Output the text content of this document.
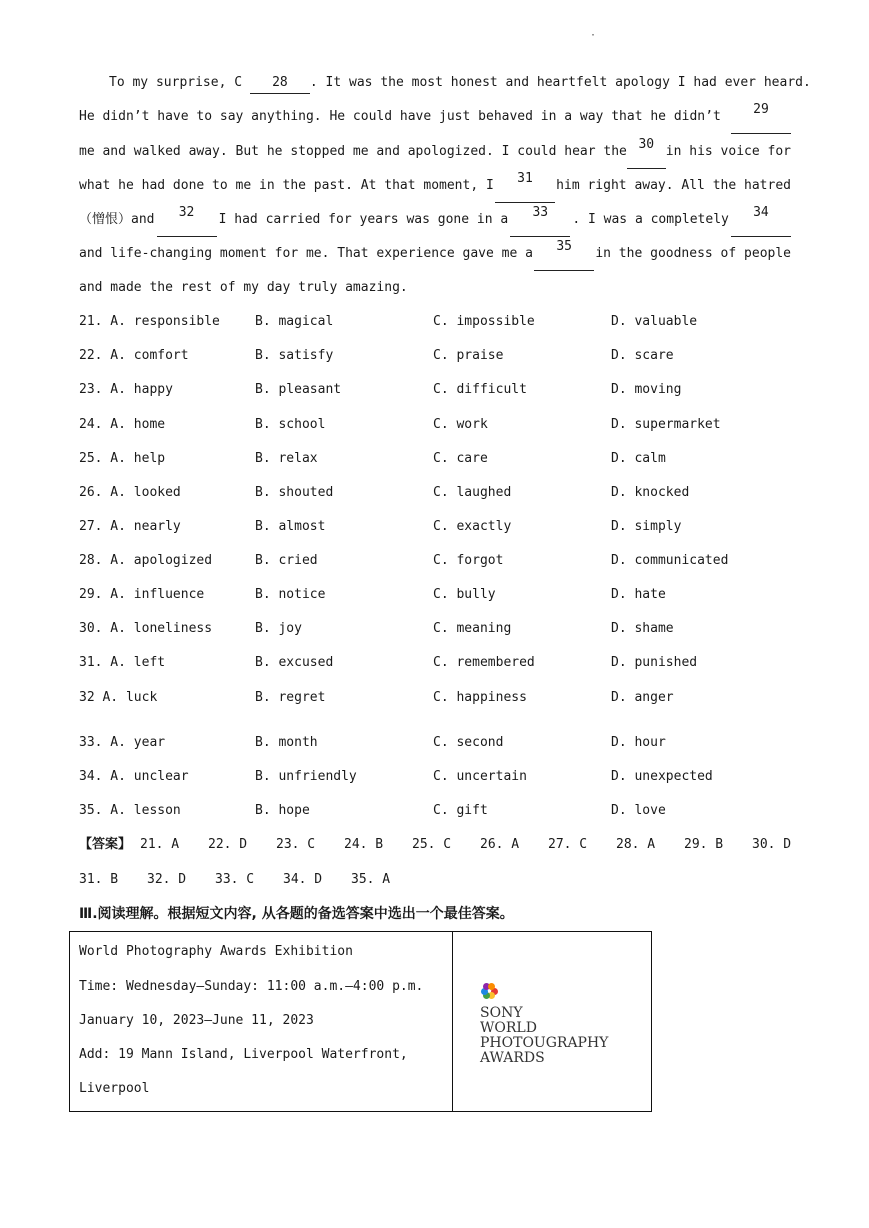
·
To my surprise, C 28	. It was the most honest and heartfelt apology I had ever heard.
He didn’t have to say anything. He could have just behaved in a way that he didn’t	29
me and walked away. But he stopped me and apologized. I could hear the 30 in his voice for
what he had done to me in the past. At that moment, I	31	him right away. All the hatred
（憎恨）and	32	I had carried for years was gone in a	33	. I was a completely	34
and life-changing moment for me. That experience gave me a	35	in the goodness of people
and made the rest of my day truly amazing.
21. A. responsible	B. magical	C. impossible	D. valuable
22. A. comfort	B. satisfy	C. praise	D. scare
23. A. happy	B. pleasant	C. difficult	D. moving
24. A. home	B. school	C. work	D. supermarket
25. A. help	B. relax	C. care	D. calm
26. A. looked	B. shouted	C. laughed	D. knocked
27. A. nearly	B. almost	C. exactly	D. simply
28. A. apologized	B. cried	C. forgot	D. communicated
29. A. influence	B. notice	C. bully	D. hate
30. A. loneliness	B. joy	C. meaning	D. shame
31. A. left	B. excused	C. remembered	D. punished
32 A. luck	B. regret	C. happiness	D. anger
33. A. year	B. month	C. second	D. hour
34. A. unclear	B. unfriendly	C. uncertain	D. unexpected
35. A. lesson	B. hope	C. gift	D. love
【答案】 21. A 22. D 23. C 24. B 25. C 26. A 27. C 28. A 29. B 30. D
31. B 32. D 33. C 34. D 35. A
Ⅲ.阅读理解。根据短文内容, 从各题的备选答案中选出一个最佳答案。
World Photography Awards Exhibition
Time: Wednesday—Sunday: 11:00 a.m.—4:00 p.m.
January 10, 2023—June 11, 2023
Add: 19 Mann Island, Liverpool Waterfront,
Liverpool
SONY
WORLD
PHOTOUGRAPHY
AWARDS
